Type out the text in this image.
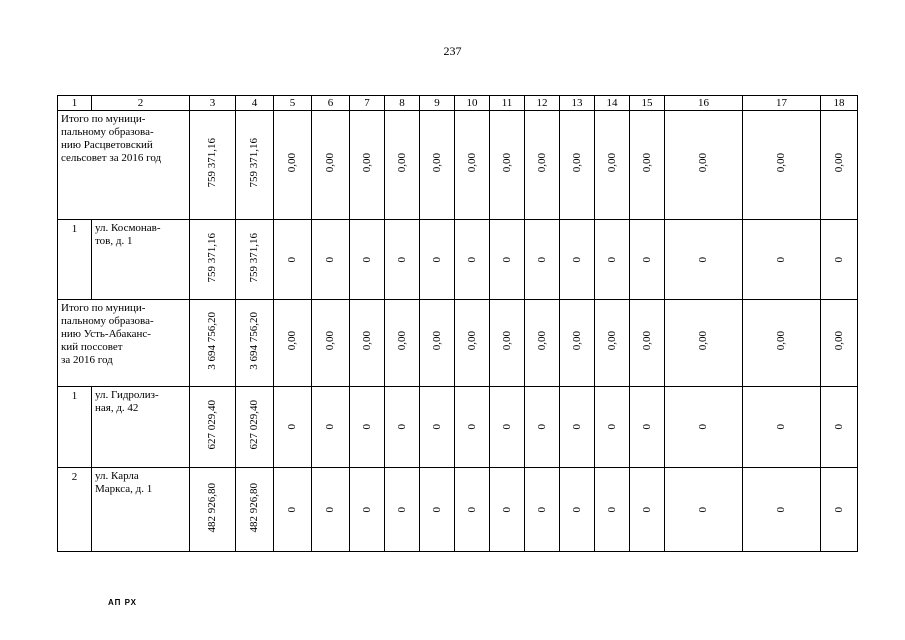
237
1	2	3	4	5	6	7	8	9	10	11	12	13	14	15	16	17	18
Итого по муници-
пальному образова-
нию Расцветовский
сельсовет за 2016 год		759 371,16	759 371,16	0,00	0,00	0,00	0,00	0,00	0,00	0,00	0,00	0,00	0,00	0,00	0,00	0,00	0,00
1	ул. Космонав-
тов, д. 1	759 371,16	759 371,16	0	0	0	0	0	0	0	0	0	0	0	0	0	0
Итого по муници-
пальному образова-
нию Усть-Абаканс-
кий поссовет
за 2016 год		3 694 756,20	3 694 756,20	0,00	0,00	0,00	0,00	0,00	0,00	0,00	0,00	0,00	0,00	0,00	0,00	0,00	0,00
1	ул. Гидролиз-
ная, д. 42	627 029,40	627 029,40	0	0	0	0	0	0	0	0	0	0	0	0	0	0
2	ул. Карла
Маркса, д. 1	482 926,80	482 926,80	0	0	0	0	0	0	0	0	0	0	0	0	0	0
АП РХ
